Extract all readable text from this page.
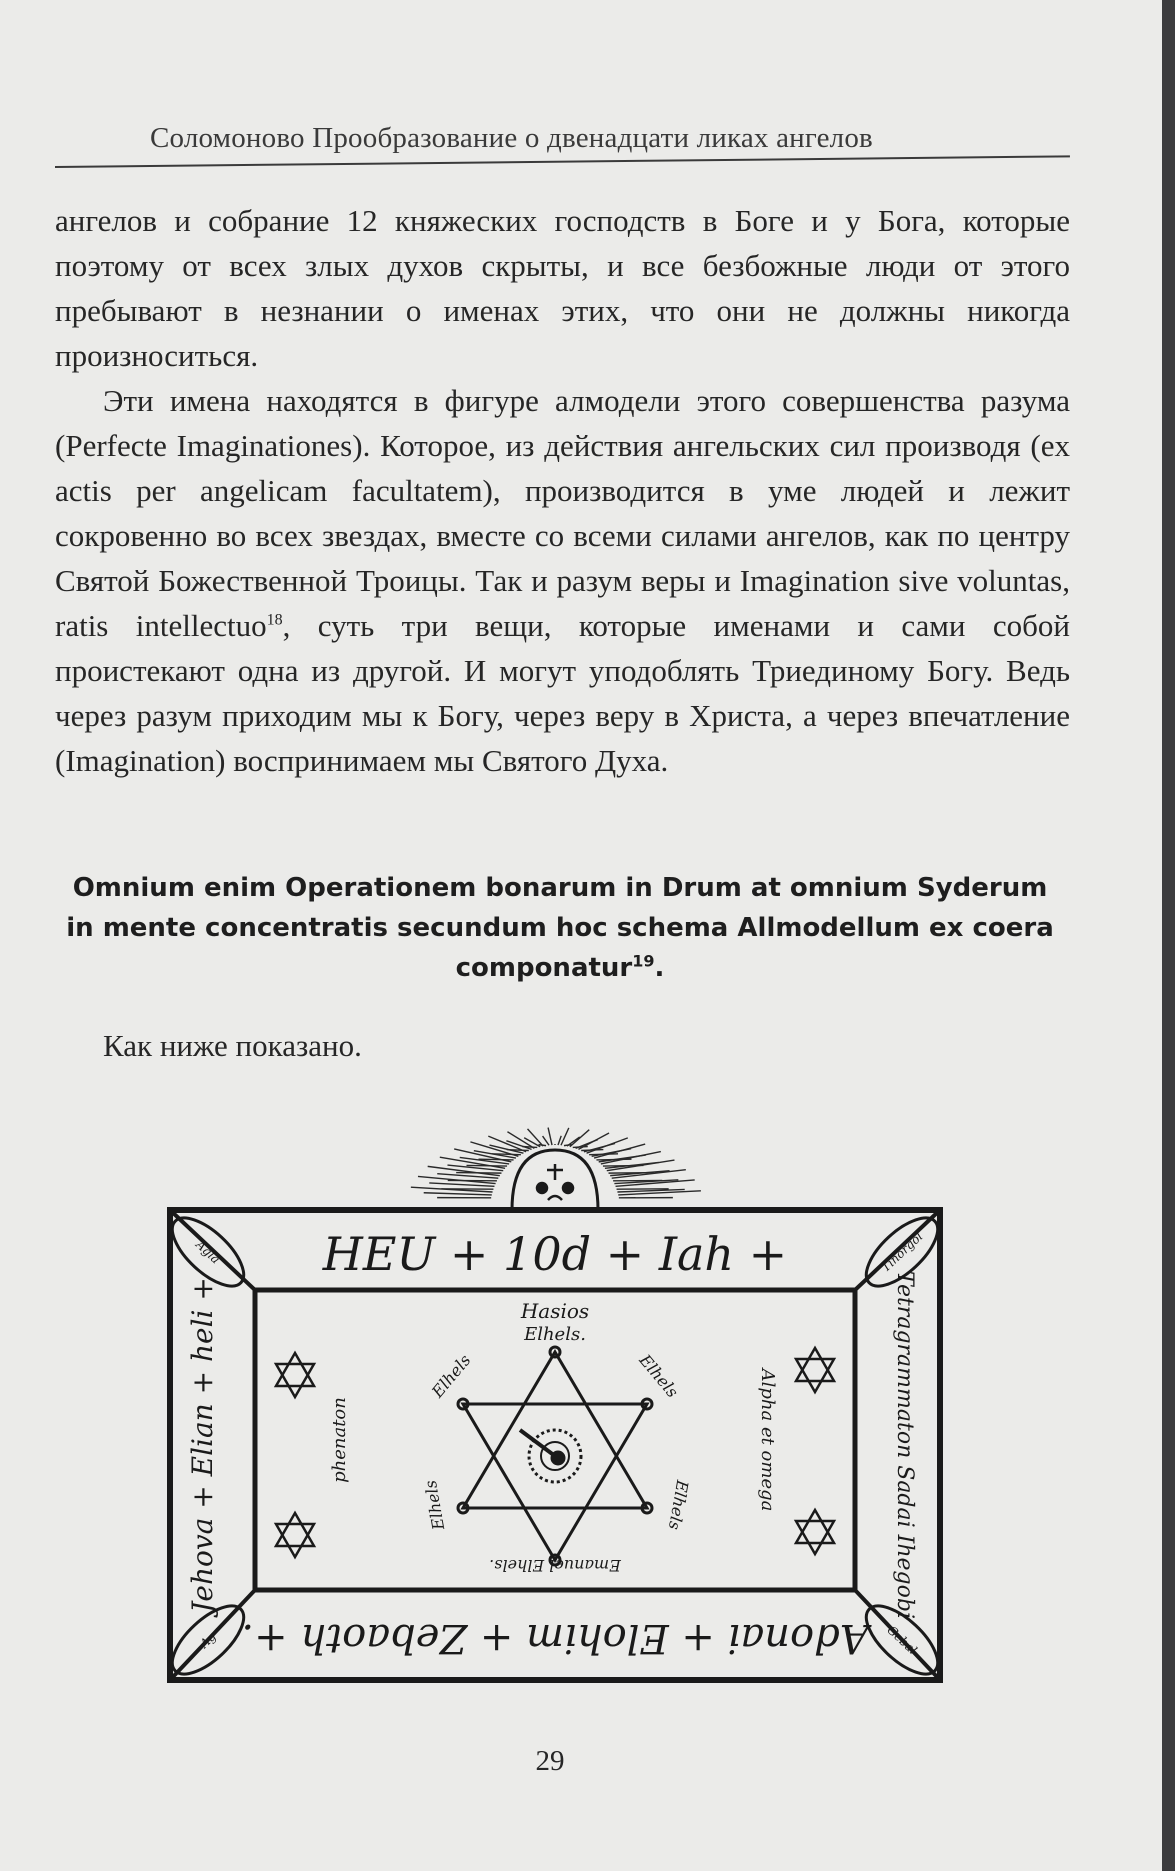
Соломоново Прообразование о двенадцати ликах ангелов

ангелов и собрание 12 княжеских господств в Боге и у Бога, которые поэтому от всех злых духов скрыты, и все безбожные люди от этого пребывают в незнании о именах этих, что они не должны никогда произноситься.

Эти имена находятся в фигуре алмодели этого совершенства разума (Perfecte Imaginationes). Которое, из действия ангельских сил производя (ex actis per angelicam facultatem), производится в уме людей и лежит сокровенно во всех звездах, вместе со всеми силами ангелов, как по центру Святой Божественной Троицы. Так и разум веры и Imagination sive voluntas, ratis intellectuo$^{18}$, суть три вещи, которые именами и сами собой проистекают одна из другой. И могут уподоблять Триединому Богу. Ведь через разум приходим мы к Богу, через веру в Христа, а через впечатление (Imagination) воспринимаем мы Святого Духа.

Omnium enim Operationem bonarum in Drum at omnium Syderum in mente concentratis secundum hoc schema Allmodellum ex coera componatur$^{19}$.
Как ниже показано.
Agla	Tinorgol
Ag	Gebal
HEU + 10d + Iah +
Adonai + Elohim + Zebaoth +.
Jehova + Elian + heli +	Tetragrammaton Sadai Ihegobi
Hasios
Elhels.
phenaton	Alpha et omega
Elhels	Elhels
Elhels	Elhels
Emanuel Elhels.
29
